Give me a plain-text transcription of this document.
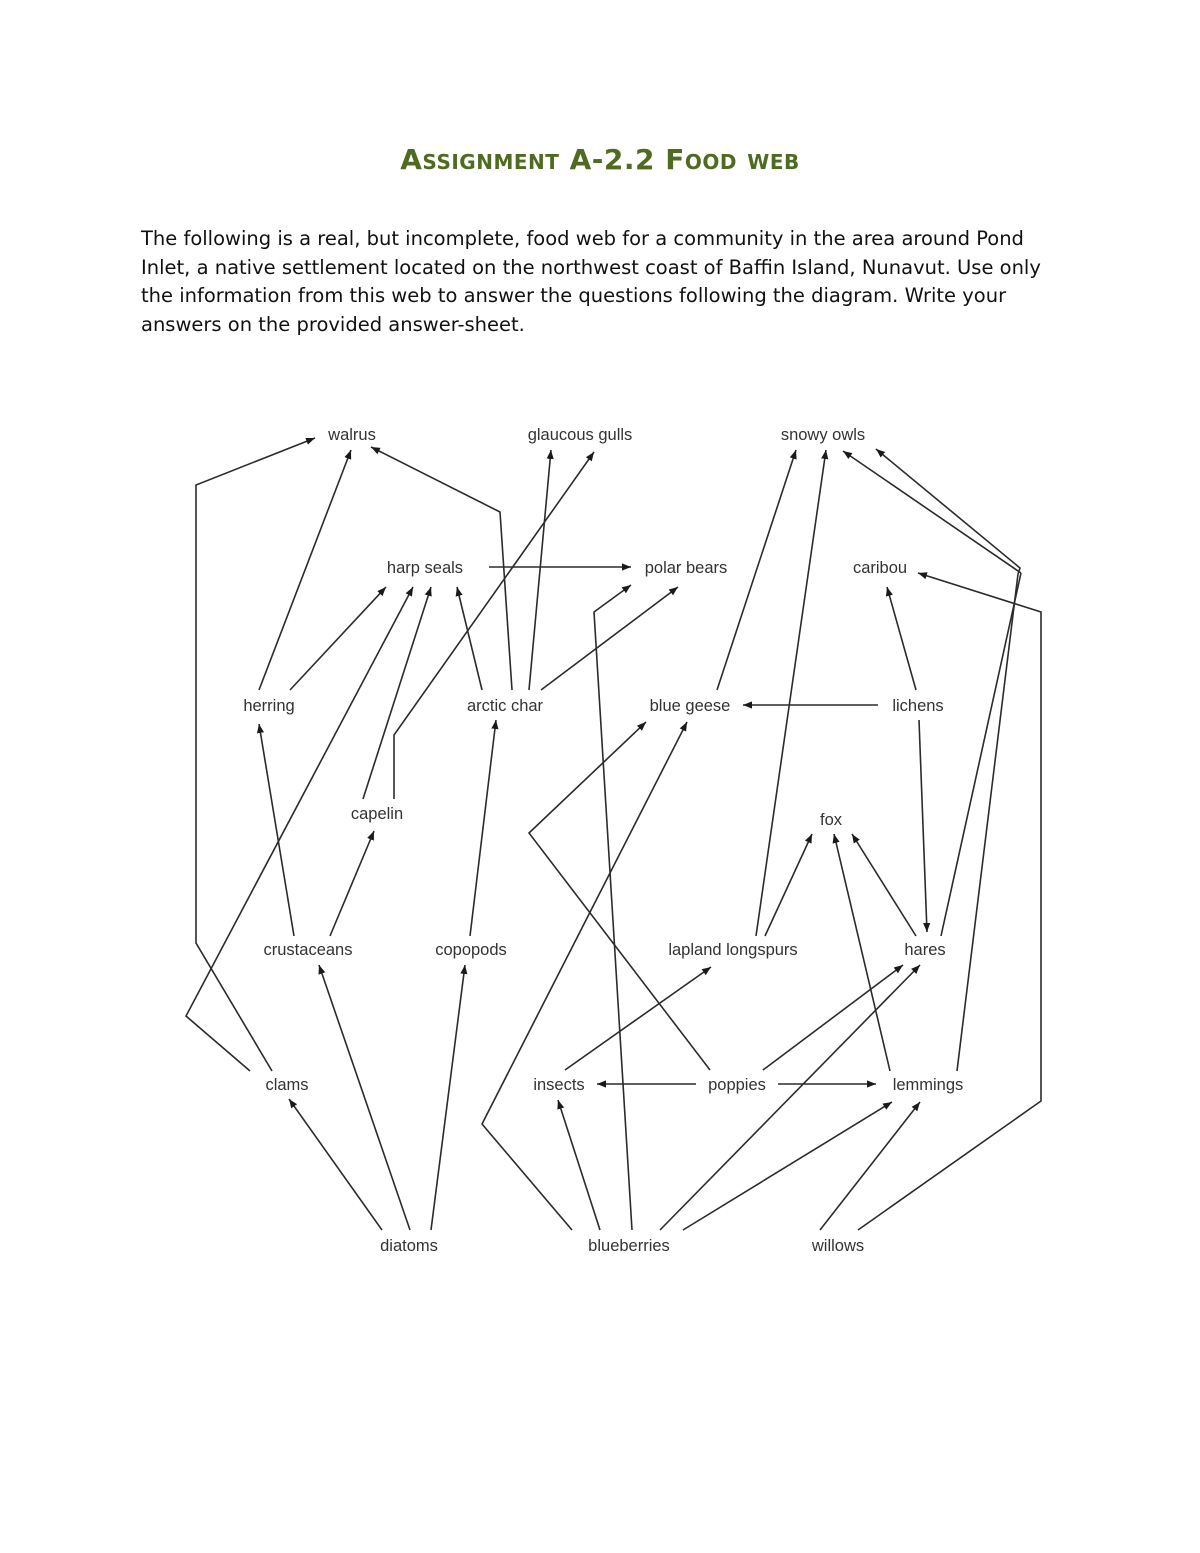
Assignment A-2.2 Food web
The following is a real, but incomplete, food web for a community in the area around Pond Inlet, a native settlement located on the northwest coast of Baffin Island, Nunavut. Use only the information from this web to answer the questions following the diagram. Write your answers on the provided answer-sheet.
walrus	glaucous gulls	snowy owls
harp seals	polar bears	caribou
herring	arctic char	blue geese	lichens
capelin	fox
crustaceans	copopods	lapland longspurs	hares
clams	insects	poppies	lemmings
diatoms	blueberries	willows
